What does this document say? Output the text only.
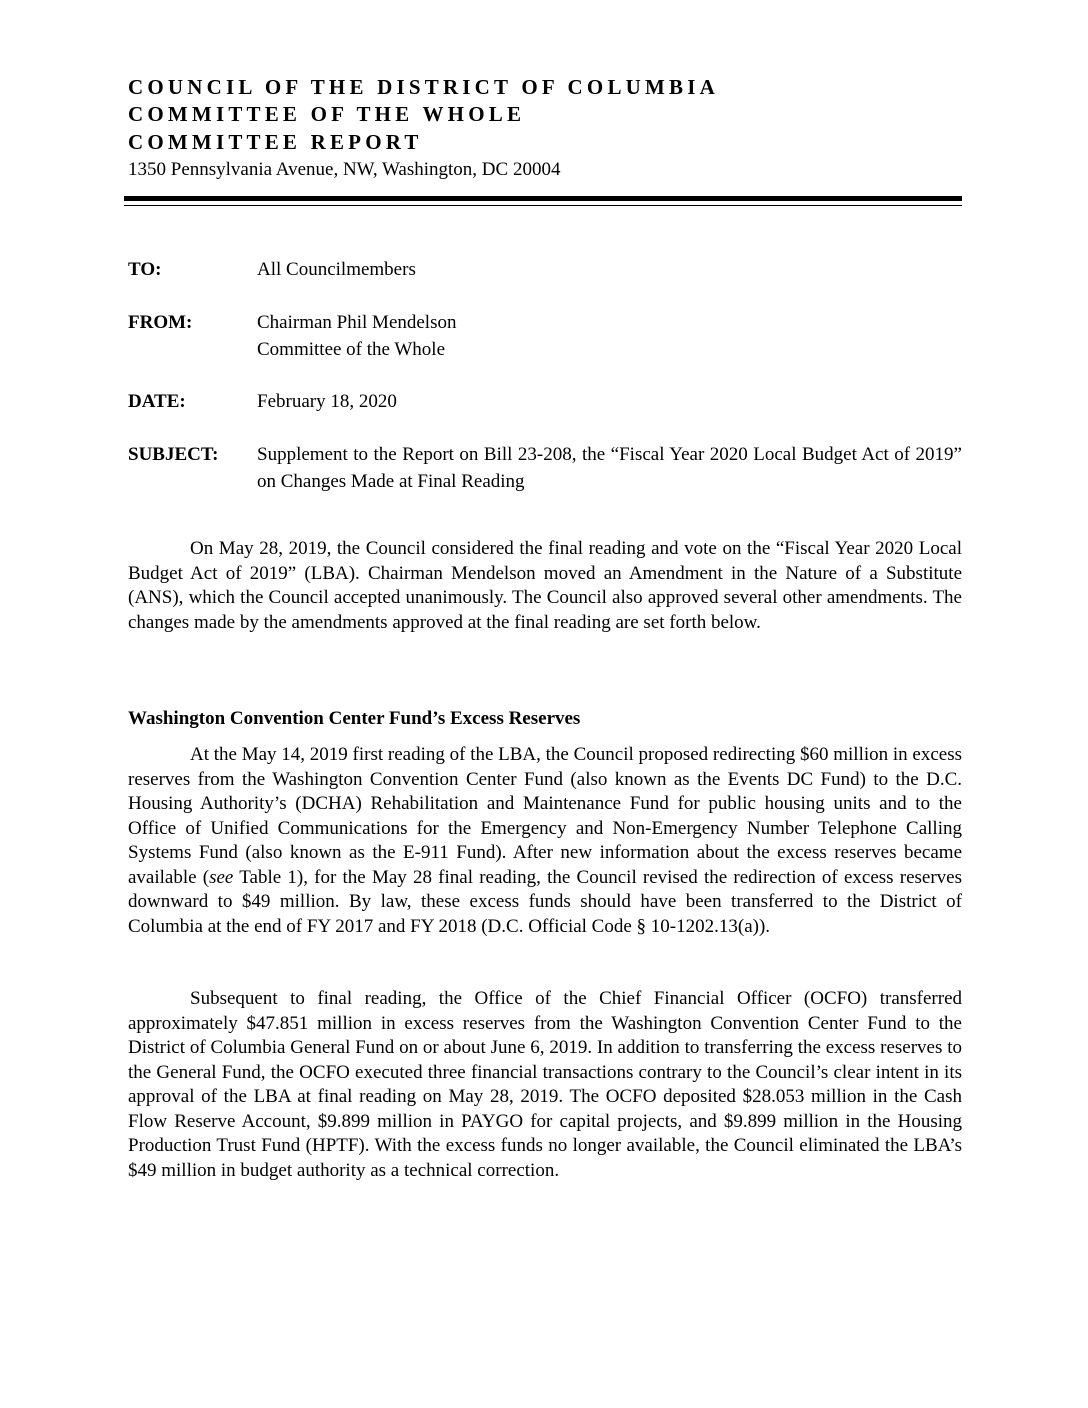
COUNCIL OF THE DISTRICT OF COLUMBIA
COMMITTEE OF THE WHOLE
COMMITTEE REPORT
1350 Pennsylvania Avenue, NW, Washington, DC 20004
TO:	All Councilmembers
FROM:	Chairman Phil Mendelson
Committee of the Whole
DATE:	February 18, 2020
SUBJECT: Supplement to the Report on Bill 23-208, the “Fiscal Year 2020 Local Budget Act of 2019” on Changes Made at Final Reading

On May 28, 2019, the Council considered the final reading and vote on the “Fiscal Year 2020 Local Budget Act of 2019” (LBA). Chairman Mendelson moved an Amendment in the Nature of a Substitute (ANS), which the Council accepted unanimously. The Council also approved several other amendments. The changes made by the amendments approved at the final reading are set forth below.

Washington Convention Center Fund’s Excess Reserves

At the May 14, 2019 first reading of the LBA, the Council proposed redirecting $60 million in excess reserves from the Washington Convention Center Fund (also known as the Events DC Fund) to the D.C. Housing Authority’s (DCHA) Rehabilitation and Maintenance Fund for public housing units and to the Office of Unified Communications for the Emergency and Non-Emergency Number Telephone Calling Systems Fund (also known as the E-911 Fund). After new information about the excess reserves became available (see Table 1), for the May 28 final reading, the Council revised the redirection of excess reserves downward to $49 million. By law, these excess funds should have been transferred to the District of Columbia at the end of FY 2017 and FY 2018 (D.C. Official Code § 10-1202.13(a)).

Subsequent to final reading, the Office of the Chief Financial Officer (OCFO) transferred approximately $47.851 million in excess reserves from the Washington Convention Center Fund to the District of Columbia General Fund on or about June 6, 2019. In addition to transferring the excess reserves to the General Fund, the OCFO executed three financial transactions contrary to the Council’s clear intent in its approval of the LBA at final reading on May 28, 2019. The OCFO deposited $28.053 million in the Cash Flow Reserve Account, $9.899 million in PAYGO for capital projects, and $9.899 million in the Housing Production Trust Fund (HPTF). With the excess funds no longer available, the Council eliminated the LBA’s $49 million in budget authority as a technical correction.
